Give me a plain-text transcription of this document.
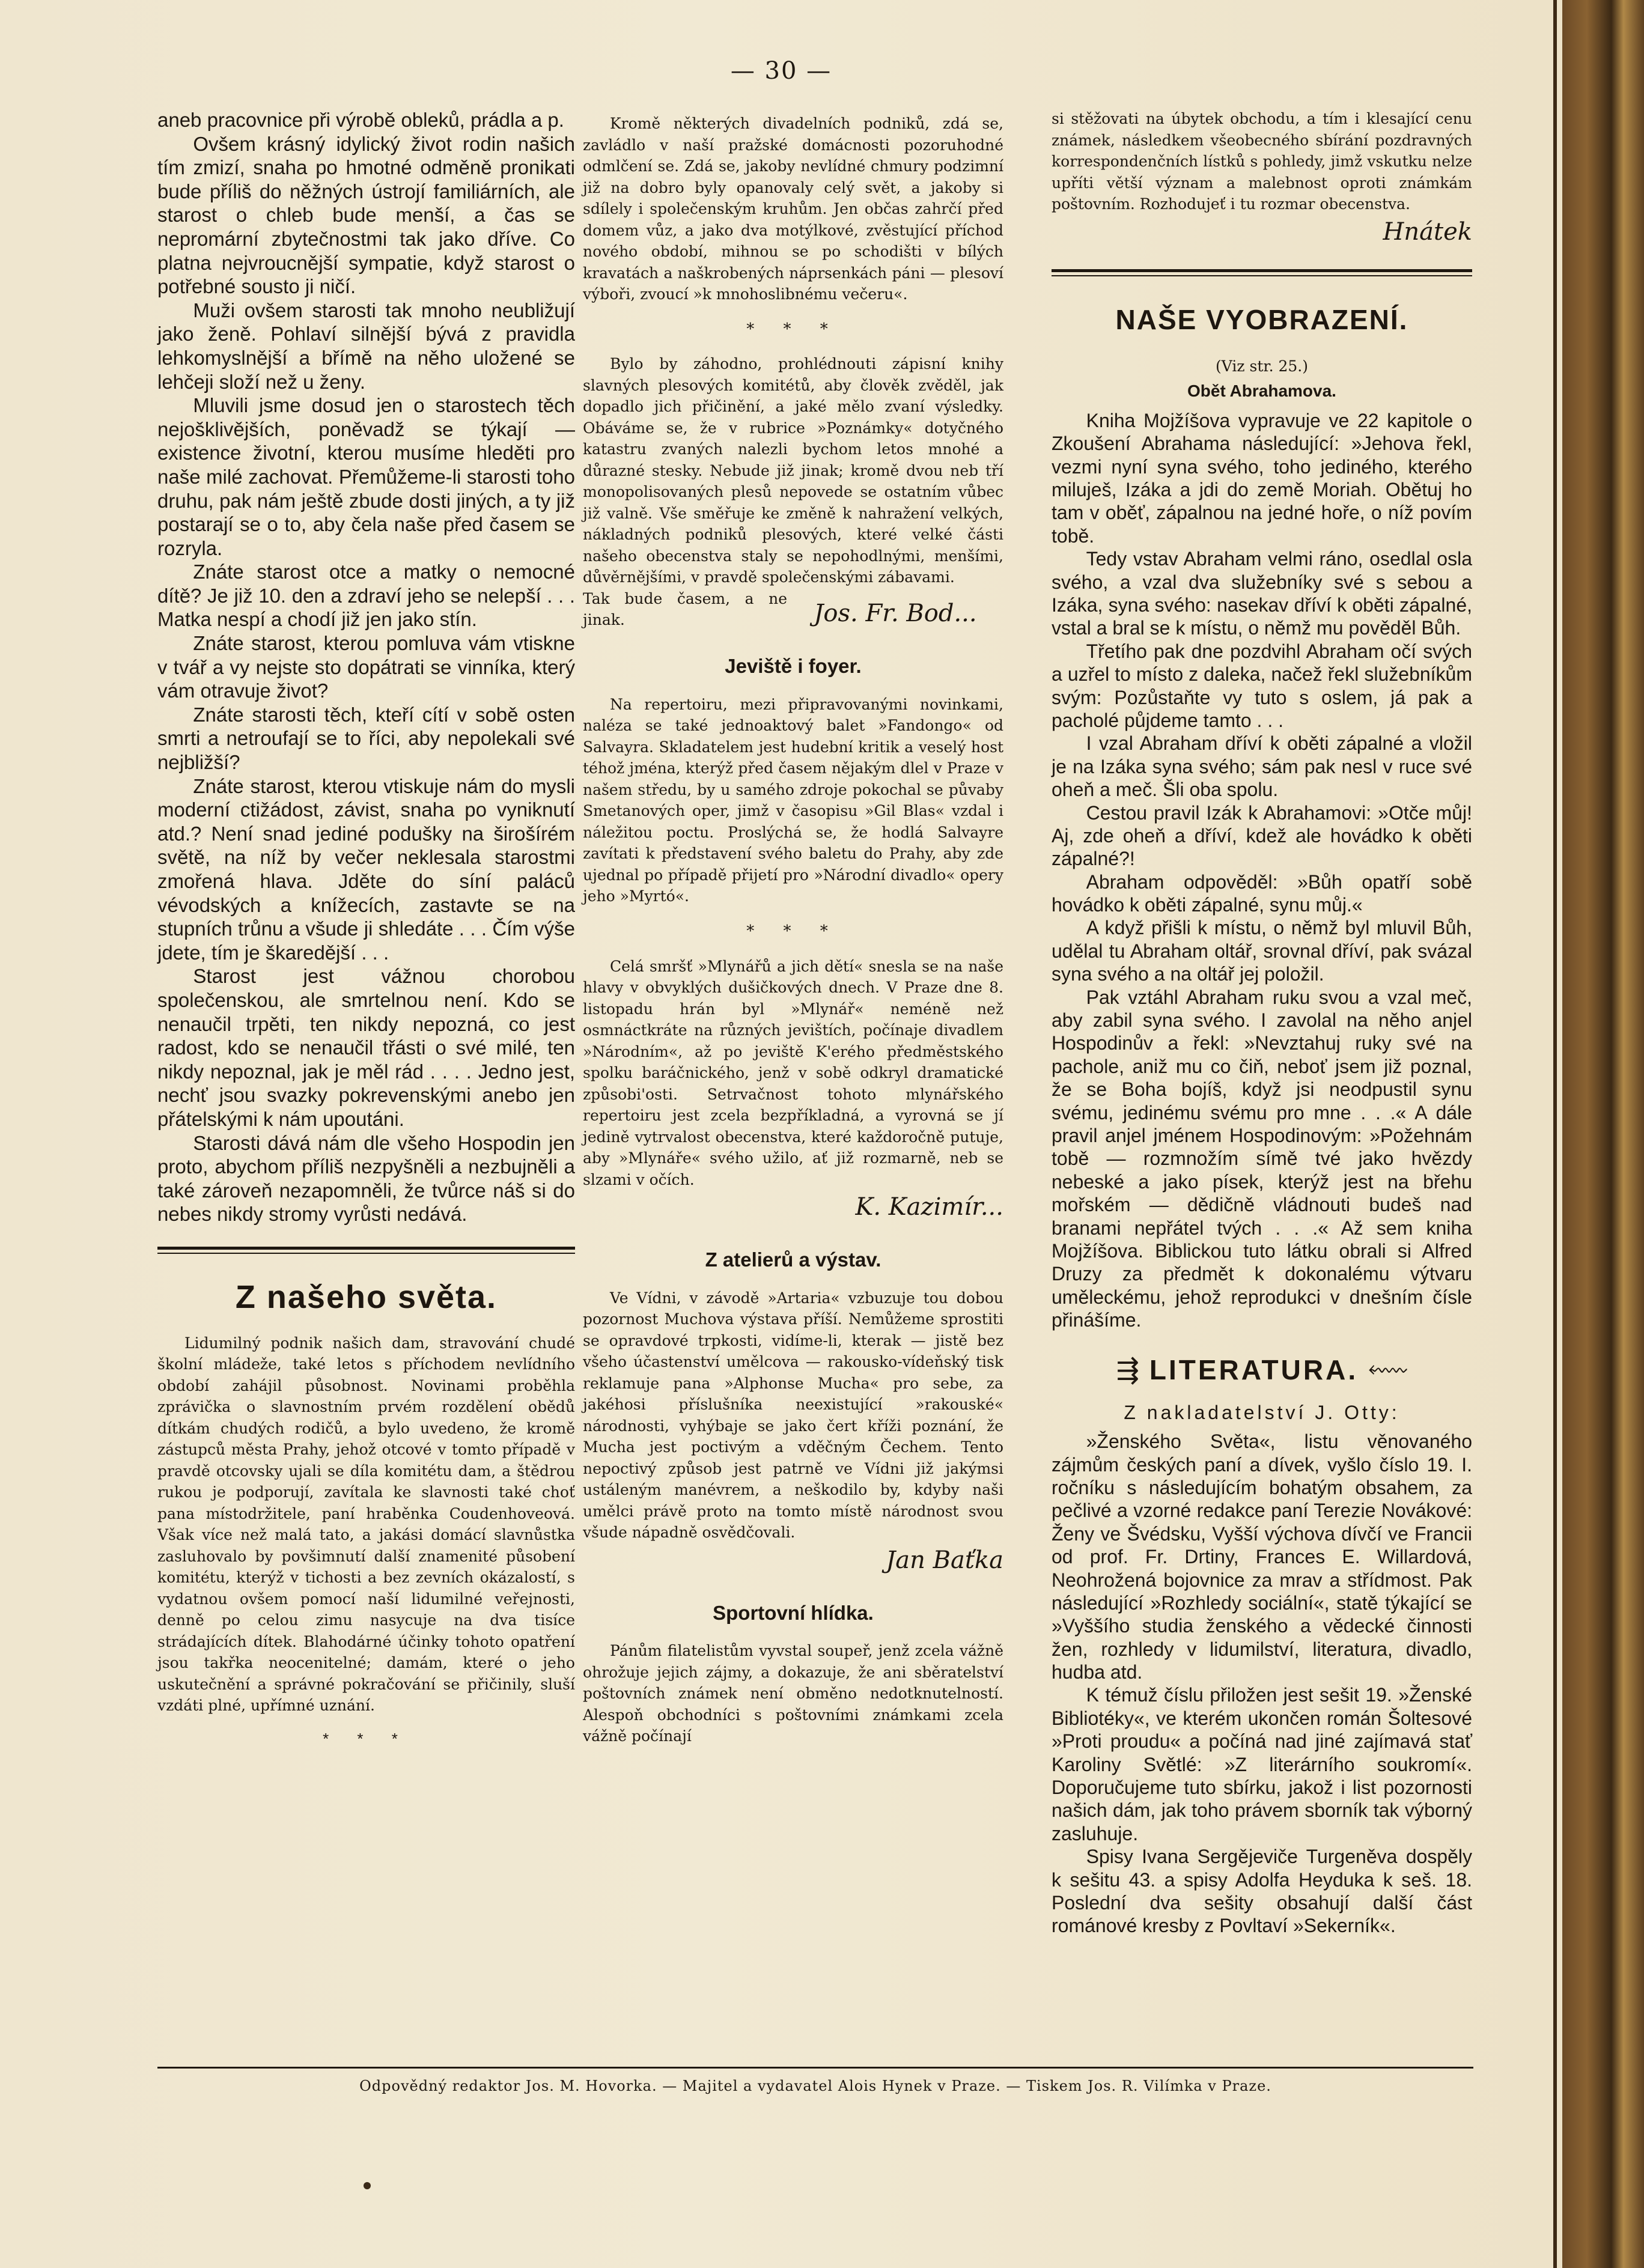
— 30 —

aneb pracovnice při výrobě obleků, prádla a p.

Ovšem krásný idylický život rodin našich tím zmizí, snaha po hmotné odměně pronikati bude příliš do něžných ústrojí familiárních, ale starost o chleb bude menší, a čas se nepromární zbytečnostmi tak jako dříve. Co platna nejvroucnější sympatie, když starost o potřebné sousto ji ničí.

Muži ovšem starosti tak mnoho neubližují jako ženě. Pohlaví silnější bývá z pravidla lehkomyslnější a břímě na něho uložené se lehčeji složí než u ženy.

Mluvili jsme dosud jen o starostech těch nejošklivějších, poněvadž se týkají — existence životní, kterou musíme hleděti pro naše milé zachovat. Přemůžeme-li starosti toho druhu, pak nám ještě zbude dosti jiných, a ty již postarají se o to, aby čela naše před časem se rozryla.

Znáte starost otce a matky o nemocné dítě? Je již 10. den a zdraví jeho se nelepší . . . Matka nespí a chodí již jen jako stín.

Znáte starost, kterou pomluva vám vtiskne v tvář a vy nejste sto dopátrati se vinníka, který vám otravuje život?

Znáte starosti těch, kteří cítí v sobě osten smrti a netroufají se to říci, aby nepolekali své nejbližší?

Znáte starost, kterou vtiskuje nám do mysli moderní ctižádost, závist, snaha po vyniknutí atd.? Není snad jediné podušky na širošírém světě, na níž by večer neklesala starostmi zmořená hlava. Jděte do síní paláců vévodských a knížecích, zastavte se na stupních trůnu a všude ji shledáte . . . Čím výše jdete, tím je škaredější . . .

Starost jest vážnou chorobou společenskou, ale smrtelnou není. Kdo se nenaučil trpěti, ten nikdy nepozná, co jest radost, kdo se nenaučil třásti o své milé, ten nikdy nepoznal, jak je měl rád . . . . Jedno jest, nechť jsou svazky pokrevenskými anebo jen přátelskými k nám upoutáni.

Starosti dává nám dle všeho Hospodin jen proto, abychom příliš nezpyšněli a nezbujněli a také zároveň nezapomněli, že tvůrce náš si do nebes nikdy stromy vyrůsti nedává.

Z našeho světa.

Lidumilný podnik našich dam, stravování chudé školní mládeže, také letos s příchodem nevlídního období zahájil působnost. Novinami proběhla zprávička o slavnostním prvém rozdělení obědů dítkám chudých rodičů, a bylo uvedeno, že kromě zástupců města Prahy, jehož otcové v tomto případě v pravdě otcovsky ujali se díla komitétu dam, a štědrou rukou je podporují, zavítala ke slavnosti také choť pana místodržitele, paní hraběnka Coudenhoveová. Však více než malá tato, a jakási domácí slavnůstka zasluhovalo by povšimnutí další znamenité působení komitétu, kterýž v tichosti a bez zevních okázalostí, s vydatnou ovšem pomocí naší lidumilné veřejnosti, denně po celou zimu nasycuje na dva tisíce strádajících dítek. Blahodárné účinky tohoto opatření jsou takřka neocenitelné; damám, které o jeho uskutečnění a správné pokračování se přičinily, sluší vzdáti plné, upřímné uznání.

* * *

Kromě některých divadelních podniků, zdá se, zavládlo v naší pražské domácnosti pozoruhodné odmlčení se. Zdá se, jakoby nevlídné chmury podzimní již na dobro byly opanovaly celý svět, a jakoby si sdílely i společenským kruhům. Jen občas zahrčí před domem vůz, a jako dva motýlkové, zvěstující příchod nového období, mihnou se po schodišti v bílých kravatách a naškrobených náprsenkách páni — plesoví výboři, zvoucí »k mnohoslibnému večeru«.

* * *

Bylo by záhodno, prohlédnouti zápisní knihy slavných plesových komitétů, aby člověk zvěděl, jak dopadlo jich přičinění, a jaké mělo zvaní výsledky. Obáváme se, že v rubrice »Poznámky« dotyčného katastru zvaných nalezli bychom letos mnohé a důrazné stesky. Nebude již jinak; kromě dvou neb tří monopolisovaných plesů nepovede se ostatním vůbec již valně. Vše směřuje ke změně k nahražení velkých, nákladných podniků plesových, které velké části našeho obecenstva staly se nepohodlnými, menšími, důvěrnějšími, v pravdě společenskými zábavami.

Tak bude časem, a ne jinak.	Jos. Fr. Bod...
Jeviště i foyer.

Na repertoiru, mezi připravovanými novinkami, naléza se také jednoaktový balet »Fandongo« od Salvayra. Skladatelem jest hudební kritik a veselý host téhož jména, kterýž před časem nějakým dlel v Praze v našem středu, by u samého zdroje pokochal se půvaby Smetanových oper, jimž v časopisu »Gil Blas« vzdal i náležitou poctu. Proslýchá se, že hodlá Salvayre zavítati k představení svého baletu do Prahy, aby zde ujednal po případě přijetí pro »Národní divadlo« opery jeho »Myrtó«.

* * *

Celá smršť »Mlynářů a jich dětí« snesla se na naše hlavy v obvyklých dušičkových dnech. V Praze dne 8. listopadu hrán byl »Mlynář« neméně než osmnáctkráte na různých jevištích, počínaje divadlem »Národním«, až po jeviště K'erého předměstského spolku baráčnického, jenž v sobě odkryl dramatické způsobi'osti. Setrvačnost tohoto mlynářského repertoiru jest zcela bezpříkladná, a vyrovná se jí jedině vytrvalost obecenstva, které každoročně putuje, aby »Mlynáře« svého užilo, ať již rozmarně, neb se slzami v očích.

K. Kazimír...
Z atelierů a výstav.

Ve Vídni, v závodě »Artaria« vzbuzuje tou dobou pozornost Muchova výstava příší. Nemůžeme sprostiti se opravdové trpkosti, vidíme-li, kterak — jistě bez všeho účastenství umělcova — rakousko-vídeňský tisk reklamuje pana »Alphonse Mucha« pro sebe, za jakéhosi příslušníka neexistující »rakouské« národnosti, vyhýbaje se jako čert kříži poznání, že Mucha jest poctivým a vděčným Čechem. Tento nepoctivý způsob jest patrně ve Vídni již jakýmsi ustáleným manévrem, a neškodilo by, kdyby naši umělci právě proto na tomto místě národnost svou všude nápadně osvědčovali.

Jan Baťka
Sportovní hlídka.

Pánům filatelistům vyvstal soupeř, jenž zcela vážně ohrožuje jejich zájmy, a dokazuje, že ani sběratelství poštovních známek není obměno nedotknutelností. Alespoň obchodníci s poštovními známkami zcela vážně počínají

si stěžovati na úbytek obchodu, a tím i klesající cenu známek, následkem všeobecného sbírání pozdravných korrespondenčních lístků s pohledy, jimž vskutku nelze upříti větší význam a malebnost oproti známkám poštovním. Rozhodujeť i tu rozmar obecenstva.

Hnátek
NAŠE VYOBRAZENÍ.
(Viz str. 25.)
Obět Abrahamova.

Kniha Mojžíšova vypravuje ve 22 kapitole o Zkoušení Abrahama následující: »Jehova řekl, vezmi nyní syna svého, toho jediného, kterého miluješ, Izáka a jdi do země Moriah. Obětuj ho tam v oběť, zápalnou na jedné hoře, o níž povím tobě.

Tedy vstav Abraham velmi ráno, osedlal osla svého, a vzal dva služebníky své s sebou a Izáka, syna svého: nasekav dříví k oběti zápalné, vstal a bral se k místu, o němž mu pověděl Bůh.

Třetího pak dne pozdvihl Abraham očí svých a uzřel to místo z daleka, načež řekl služebníkům svým: Pozůstaňte vy tuto s oslem, já pak a pacholé půjdeme tamto . . .

I vzal Abraham dříví k oběti zápalné a vložil je na Izáka syna svého; sám pak nesl v ruce své oheň a meč. Šli oba spolu.

Cestou pravil Izák k Abrahamovi: »Otče můj! Aj, zde oheň a dříví, kdež ale hovádko k oběti zápalné?!

Abraham odpověděl: »Bůh opatří sobě hovádko k oběti zápalné, synu můj.«

A když přišli k místu, o němž byl mluvil Bůh, udělal tu Abraham oltář, srovnal dříví, pak svázal syna svého a na oltář jej položil.

Pak vztáhl Abraham ruku svou a vzal meč, aby zabil syna svého. I zavolal na něho anjel Hospodinův a řekl: »Nevztahuj ruky své na pachole, aniž mu co čiň, neboť jsem již poznal, že se Boha bojíš, když jsi neodpustil synu svému, jedinému svému pro mne . . .« A dále pravil anjel jménem Hospodinovým: »Požehnám tobě — rozmnožím símě tvé jako hvězdy nebeské a jako písek, kterýž jest na břehu mořském — dědičně vládnouti budeš nad branami nepřátel tvých . . .« Až sem kniha Mojžíšova. Biblickou tuto látku obrali si Alfred Druzy za předmět k dokonalému výtvaru uměleckému, jehož reprodukci v dnešním čísle přinášíme.

⇶ LITERATURA. ⬳
Z nakladatelství J. Otty:

»Ženského Světa«, listu věnovaného zájmům českých paní a dívek, vyšlo číslo 19. I. ročníku s následujícím bohatým obsahem, za pečlivé a vzorné redakce paní Terezie Novákové: Ženy ve Švédsku, Vyšší výchova dívčí ve Francii od prof. Fr. Drtiny, Frances E. Willardová, Neohrožená bojovnice za mrav a střídmost. Pak následující »Rozhledy sociální«, statě týkající se »Vyššího studia ženského a vědecké činnosti žen, rozhledy v lidumilství, literatura, divadlo, hudba atd.

K témuž číslu přiložen jest sešit 19. »Ženské Bibliotéky«, ve kterém ukončen román Šoltesové »Proti proudu« a počíná nad jiné zajímavá stať Karoliny Světlé: »Z literárního soukromí«. Doporučujeme tuto sbírku, jakož i list pozornosti našich dám, jak toho právem sborník tak výborný zasluhuje.

Spisy Ivana Sergějeviče Turgeněva dospěly k sešitu 43. a spisy Adolfa Heyduka k seš. 18. Poslední dva sešity obsahují další část románové kresby z Povltaví »Sekerník«.

Odpovědný redaktor Jos. M. Hovorka. — Majitel a vydavatel Alois Hynek v Praze. — Tiskem Jos. R. Vilímka v Praze.
